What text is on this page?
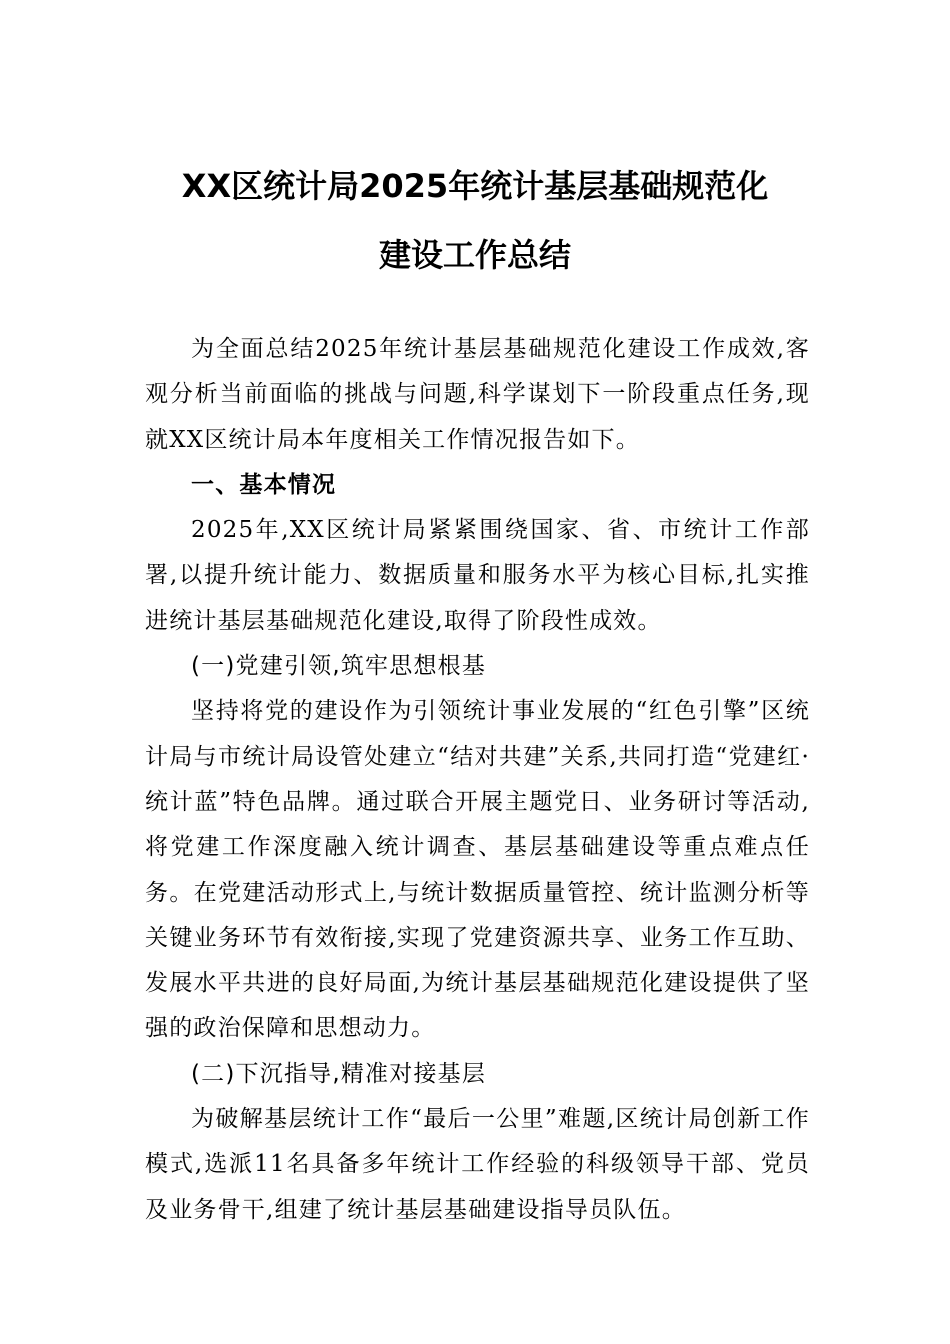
XX区统计局2025年统计基层基础规范化
建设工作总结

为全面总结2025年统计基层基础规范化建设工作成效,客观分析当前面临的挑战与问题,科学谋划下一阶段重点任务,现就XX区统计局本年度相关工作情况报告如下。

一、基本情况

2025年,XX区统计局紧紧围绕国家、省、市统计工作部署,以提升统计能力、数据质量和服务水平为核心目标,扎实推进统计基层基础规范化建设,取得了阶段性成效。

(一)党建引领,筑牢思想根基

坚持将党的建设作为引领统计事业发展的“红色引擎”区统计局与市统计局设管处建立“结对共建”关系,共同打造“党建红·统计蓝”特色品牌。通过联合开展主题党日、业务研讨等活动,将党建工作深度融入统计调查、基层基础建设等重点难点任务。在党建活动形式上,与统计数据质量管控、统计监测分析等关键业务环节有效衔接,实现了党建资源共享、业务工作互助、发展水平共进的良好局面,为统计基层基础规范化建设提供了坚强的政治保障和思想动力。

(二)下沉指导,精准对接基层

为破解基层统计工作“最后一公里”难题,区统计局创新工作模式,选派11名具备多年统计工作经验的科级领导干部、党员及业务骨干,组建了统计基层基础建设指导员队伍。
